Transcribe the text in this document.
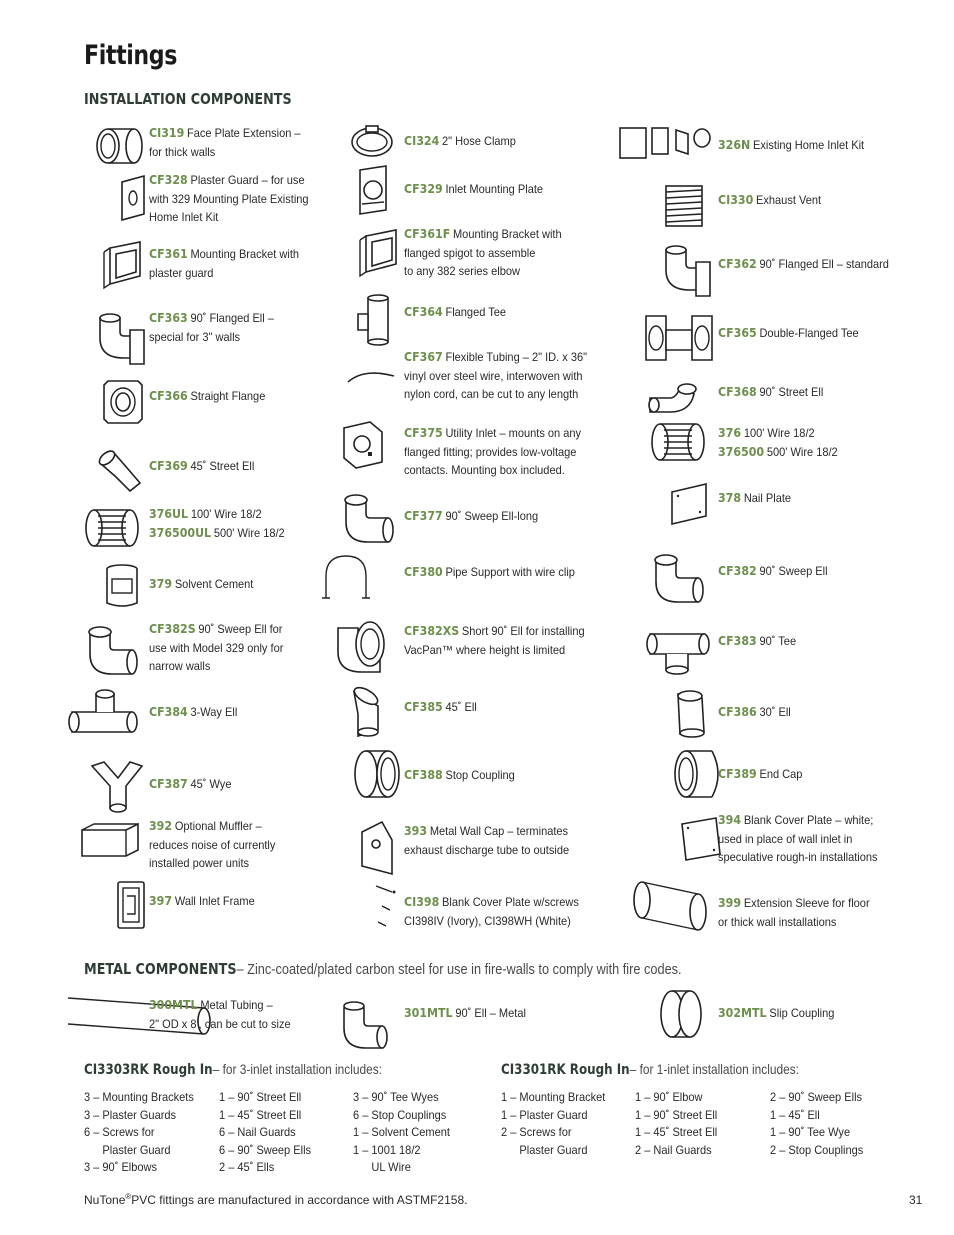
Fittings
INSTALLATION COMPONENTS
CI319 Face Plate Extension –
for thick walls
CF328 Plaster Guard – for use
with 329 Mounting Plate Existing
Home Inlet Kit
CF361 Mounting Bracket with
plaster guard
CF363 90˚ Flanged Ell –
special for 3" walls
CF366 Straight Flange
CF369 45˚ Street Ell
376UL 100' Wire 18/2
376500UL 500' Wire 18/2
379 Solvent Cement
CF382S 90˚ Sweep Ell for
use with Model 329 only for
narrow walls
CF384 3-Way Ell
CF387 45˚ Wye
392 Optional Muffler –
reduces noise of currently
installed power units
397 Wall Inlet Frame
CI324 2" Hose Clamp
CF329 Inlet Mounting Plate
CF361F Mounting Bracket with
flanged spigot to assemble
to any 382 series elbow
CF364 Flanged Tee
CF367 Flexible Tubing – 2" ID. x 36"
vinyl over steel wire, interwoven with
nylon cord, can be cut to any length
CF375 Utility Inlet – mounts on any
flanged fitting; provides low-voltage
contacts. Mounting box included.
CF377 90˚ Sweep Ell-long
CF380 Pipe Support with wire clip
CF382XS Short 90˚ Ell for installing
VacPan™ where height is limited
CF385 45˚ Ell
CF388 Stop Coupling
393 Metal Wall Cap – terminates
exhaust discharge tube to outside
CI398 Blank Cover Plate w/screws
CI398IV (Ivory), CI398WH (White)
326N Existing Home Inlet Kit
CI330 Exhaust Vent
CF362 90˚ Flanged Ell – standard
CF365 Double-Flanged Tee
CF368 90˚ Street Ell
376 100' Wire 18/2
376500 500' Wire 18/2
378 Nail Plate
CF382 90˚ Sweep Ell
CF383 90˚ Tee
CF386 30˚ Ell
CF389 End Cap
394 Blank Cover Plate – white;
used in place of wall inlet in
speculative rough-in installations
399 Extension Sleeve for floor
or thick wall installations
METAL COMPONENTS– Zinc-coated/plated carbon steel for use in fire-walls to comply with fire codes.
300MTL Metal Tubing –
2" OD x 8', can be cut to size
301MTL 90˚ Ell – Metal	302MTL Slip Coupling
CI3303RK Rough In– for 3-inlet installation includes:	CI3301RK Rough In– for 1-inlet installation includes:
3 – Mounting Brackets
3 – Plaster Guards
6 – Screws for
Plaster Guard
3 – 90˚ Elbows
1 – 90˚ Street Ell
1 – 45˚ Street Ell
6 – Nail Guards
6 – 90˚ Sweep Ells
2 – 45˚ Ells
3 – 90˚ Tee Wyes
6 – Stop Couplings
1 – Solvent Cement
1 – 1001 18/2
UL Wire
1 – Mounting Bracket
1 – Plaster Guard
2 – Screws for
Plaster Guard
1 – 90˚ Elbow
1 – 90˚ Street Ell
1 – 45˚ Street Ell
2 – Nail Guards
2 – 90˚ Sweep Ells
1 – 45˚ Ell
1 – 90˚ Tee Wye
2 – Stop Couplings
NuTone®PVC fittings are manufactured in accordance with ASTMF2158.	31
